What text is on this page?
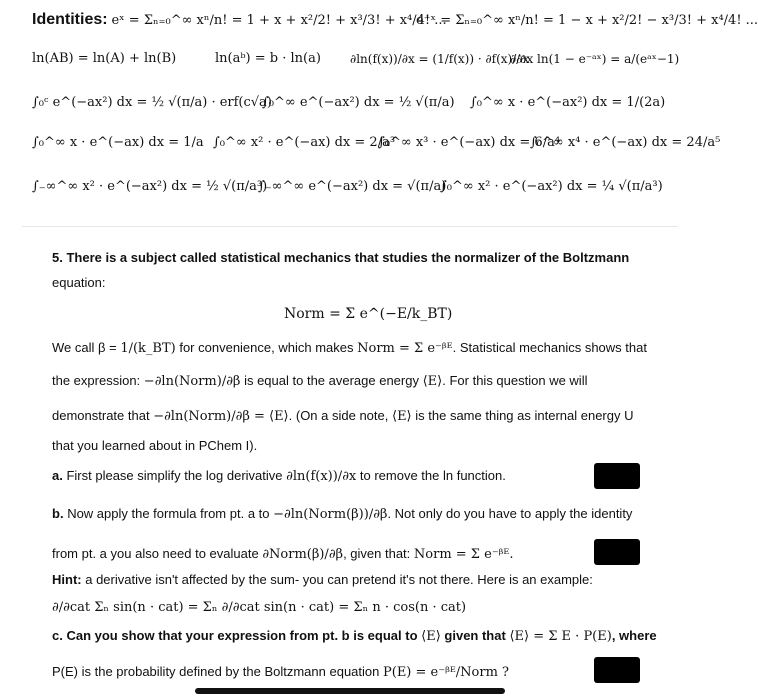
Identities: eˣ = Σₙ₌₀^∞ xⁿ/n! = 1 + x + x²/2! + x³/3! + x⁴/4! ...
e⁻ˣ = Σₙ₌₀^∞ xⁿ/n! = 1 − x + x²/2! − x³/3! + x⁴/4! ...
ln(AB) = ln(A) + ln(B)	ln(aᵇ) = b · ln(a) ∂ln(f(x))/∂x = (1/f(x)) · ∂f(x)/∂x
∂/∂x ln(1 − e⁻ᵃˣ) = a/(eᵃˣ−1)
∫₀ᶜ e^(−ax²) dx = ½ √(π/a) · erf(c√a)
∫₀^∞ e^(−ax²) dx = ½ √(π/a) ∫₀^∞ x · e^(−ax²) dx = 1/(2a)
∫₀^∞ x · e^(−ax) dx = 1/a ∫₀^∞ x² · e^(−ax) dx = 2/a³
∫₀^∞ x³ · e^(−ax) dx = 6/a⁴
∫₀^∞ x⁴ · e^(−ax) dx = 24/a⁵
∫₋∞^∞ x² · e^(−ax²) dx = ½ √(π/a³)
∫₋∞^∞ e^(−ax²) dx = √(π/a)
∫₀^∞ x² · e^(−ax²) dx = ¼ √(π/a³)
5. There is a subject called statistical mechanics that studies the normalizer of the Boltzmann
equation:
Norm = Σ e^(−E/k_BT)
We call β = 1/(k_BT) for convenience, which makes Norm = Σ e⁻ᵝᴱ. Statistical mechanics shows that
the expression: −∂ln(Norm)/∂β is equal to the average energy ⟨E⟩. For this question we will
demonstrate that −∂ln(Norm)/∂β = ⟨E⟩. (On a side note, ⟨E⟩ is the same thing as internal energy U
that you learned about in PChem I).
a. First please simplify the log derivative ∂ln(f(x))/∂x to remove the ln function.
b. Now apply the formula from pt. a to −∂ln(Norm(β))/∂β. Not only do you have to apply the identity
from pt. a you also need to evaluate ∂Norm(β)/∂β, given that: Norm = Σ e⁻ᵝᴱ.
Hint: a derivative isn't affected by the sum- you can pretend it's not there. Here is an example:
∂/∂cat Σₙ sin(n · cat) = Σₙ ∂/∂cat sin(n · cat) = Σₙ n · cos(n · cat)
c. Can you show that your expression from pt. b is equal to ⟨E⟩ given that ⟨E⟩ = Σ E · P(E), where
P(E) is the probability defined by the Boltzmann equation P(E) = e⁻ᵝᴱ/Norm ?
